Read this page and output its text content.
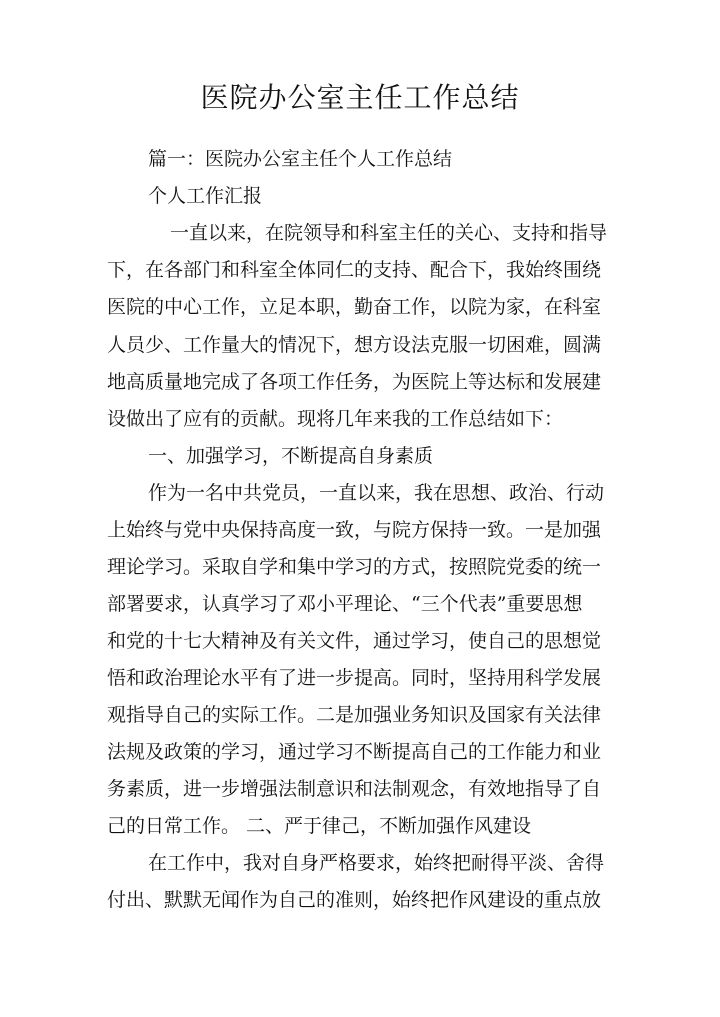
医院办公室主任工作总结

篇一：医院办公室主任个人工作总结

个人工作汇报

一直以来，在院领导和科室主任的关心、支持和指导

下，在各部门和科室全体同仁的支持、配合下，我始终围绕

医院的中心工作，立足本职，勤奋工作，以院为家，在科室

人员少、工作量大的情况下，想方设法克服一切困难，圆满

地高质量地完成了各项工作任务，为医院上等达标和发展建

设做出了应有的贡献。现将几年来我的工作总结如下：

一、加强学习，不断提高自身素质

作为一名中共党员，一直以来，我在思想、政治、行动

上始终与党中央保持高度一致，与院方保持一致。一是加强

理论学习。采取自学和集中学习的方式，按照院党委的统一

部署要求，认真学习了邓小平理论、“三个代表”重要思想

和党的十七大精神及有关文件，通过学习，使自己的思想觉

悟和政治理论水平有了进一步提高。同时，坚持用科学发展

观指导自己的实际工作。二是加强业务知识及国家有关法律

法规及政策的学习，通过学习不断提高自己的工作能力和业

务素质，进一步增强法制意识和法制观念，有效地指导了自

己的日常工作。 二、严于律己，不断加强作风建设

在工作中，我对自身严格要求，始终把耐得平淡、舍得

付出、默默无闻作为自己的准则，始终把作风建设的重点放
